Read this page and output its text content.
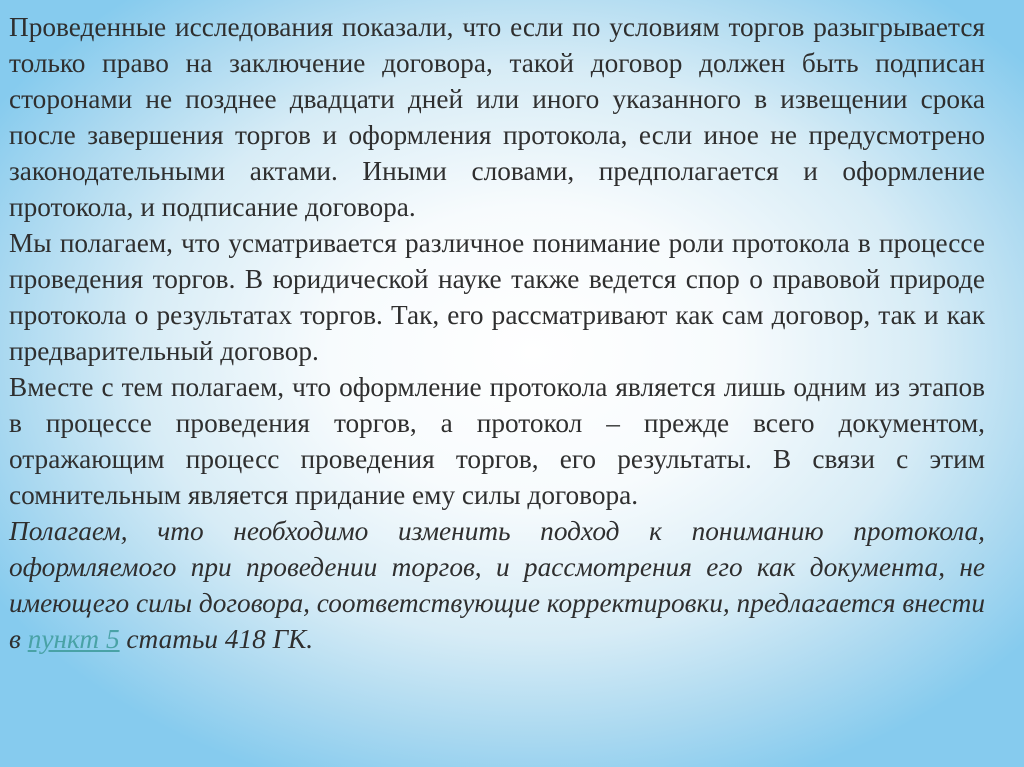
Проведенные исследования показали, что если по условиям торгов разыгрывается только право на заключение договора, такой договор должен быть подписан сторонами не позднее двадцати дней или иного указанного в извещении срока после завершения торгов и оформления протокола, если иное не предусмотрено законодательными актами. Иными словами, предполагается и оформление протокола, и подписание договора.

Мы полагаем, что усматривается различное понимание роли протокола в процессе проведения торгов. В юридической науке также ведется спор о правовой природе протокола о результатах торгов. Так, его рассматривают как сам договор, так и как предварительный договор.

Вместе с тем полагаем, что оформление протокола является лишь одним из этапов в процессе проведения торгов, а протокол – прежде всего документом, отражающим процесс проведения торгов, его результаты. В связи с этим сомнительным является придание ему силы договора.

Полагаем, что необходимо изменить подход к пониманию протокола, оформляемого при проведении торгов, и рассмотрения его как документа, не имеющего силы договора, соответствующие корректировки, предлагается внести в пункт 5 статьи 418 ГК.
